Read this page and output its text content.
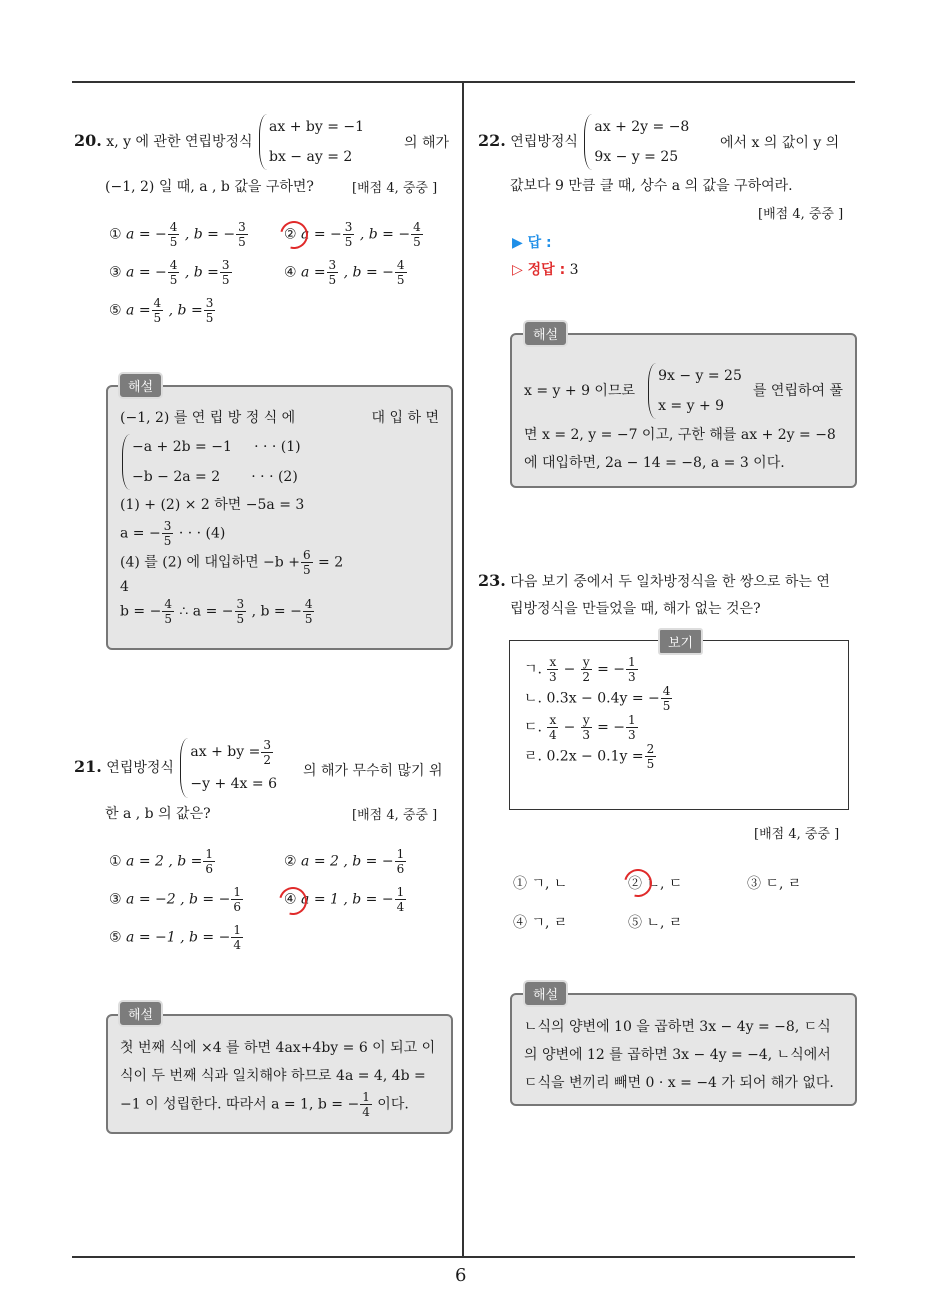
6
20. x, y 에 관한 연립방정식
ax + by = −1
bx − ay = 2
의 해가
(−1, 2) 일 때, a , b 값을 구하면?	[배점 4, 중중 ]
① a = − $\frac{4}{5}$ , b = − $\frac{3}{5}$	② a = − $\frac{3}{5}$ , b = − $\frac{4}{5}$
③ a = − $\frac{4}{5}$ , $b = \frac{3}{5}$	④ $a = \frac{3}{5}$ , b = − $\frac{4}{5}$
⑤ $a = \frac{4}{5}$ , $b = \frac{3}{5}$
(−1, 2) 를 연 립 방 정 식 에	대 입 하 면
−a + 2b = −1     · · · (1)
−b − 2a = 2       · · · (2)
(1) + (2) × 2 하면 −5a = 3
a = − $\frac{3}{5}$ · · · (4)
(4) 를 (2) 에 대입하면 $-b + \frac{6}{5} = 2$
4
b = − $\frac{4}{5}$ ∴ a = − $\frac{3}{5}$ , b = − $\frac{4}{5}$
해설
21. 연립방정식
ax + by = $\frac{3}{2}$
−y + 4x = 6
의 해가 무수히 많기 위
한 a , b 의 값은?	[배점 4, 중중 ]
① a = 2 , $b = \frac{1}{6}$	② a = 2 , b = − $\frac{1}{6}$
③ a = −2 , b = − $\frac{1}{6}$	④ a = 1 , b = − $\frac{1}{4}$
⑤ a = −1 , b = − $\frac{1}{4}$
첫 번째 식에 ×4 를 하면 4ax+4by = 6 이 되고 이
식이 두 번째 식과 일치해야 하므로 4a = 4, 4b =
−1 이 성립한다. 따라서 a = 1, b = − $\frac{1}{4}$ 이다.
해설
22. 연립방정식
ax + 2y = −8
9x − y = 25
에서 x 의 값이 y 의
값보다 9 만큼 클 때, 상수 a 의 값을 구하여라.
[배점 4, 중중 ]
▶ 답 :
▷ 정답 : 3
x = y + 9 이므로
9x − y = 25
x = y + 9
를 연립하여 풀
면 x = 2, y = −7 이고, 구한 해를 ax + 2y = −8
에 대입하면, 2a − 14 = −8, a = 3 이다.
해설
23. 다음 보기 중에서 두 일차방정식을 한 쌍으로 하는 연
립방정식을 만들었을 때, 해가 없는 것은?
ㄱ. $\frac{x}{3} - \frac{y}{2}$ = − $\frac{1}{3}$
ㄴ. 0.3x − 0.4y = − $\frac{4}{5}$
ㄷ. $\frac{x}{4} - \frac{y}{3}$ = − $\frac{1}{3}$
ㄹ. $0.2x - 0.1y = \frac{2}{5}$
보기
[배점 4, 중중 ]
① ㄱ, ㄴ	② ㄴ, ㄷ	③ ㄷ, ㄹ
④ ㄱ, ㄹ	⑤ ㄴ, ㄹ
ㄴ식의 양변에 10 을 곱하면 3x − 4y = −8, ㄷ식
의 양변에 12 를 곱하면 3x − 4y = −4, ㄴ식에서
ㄷ식을 변끼리 빼면 0 · x = −4 가 되어 해가 없다.
해설
